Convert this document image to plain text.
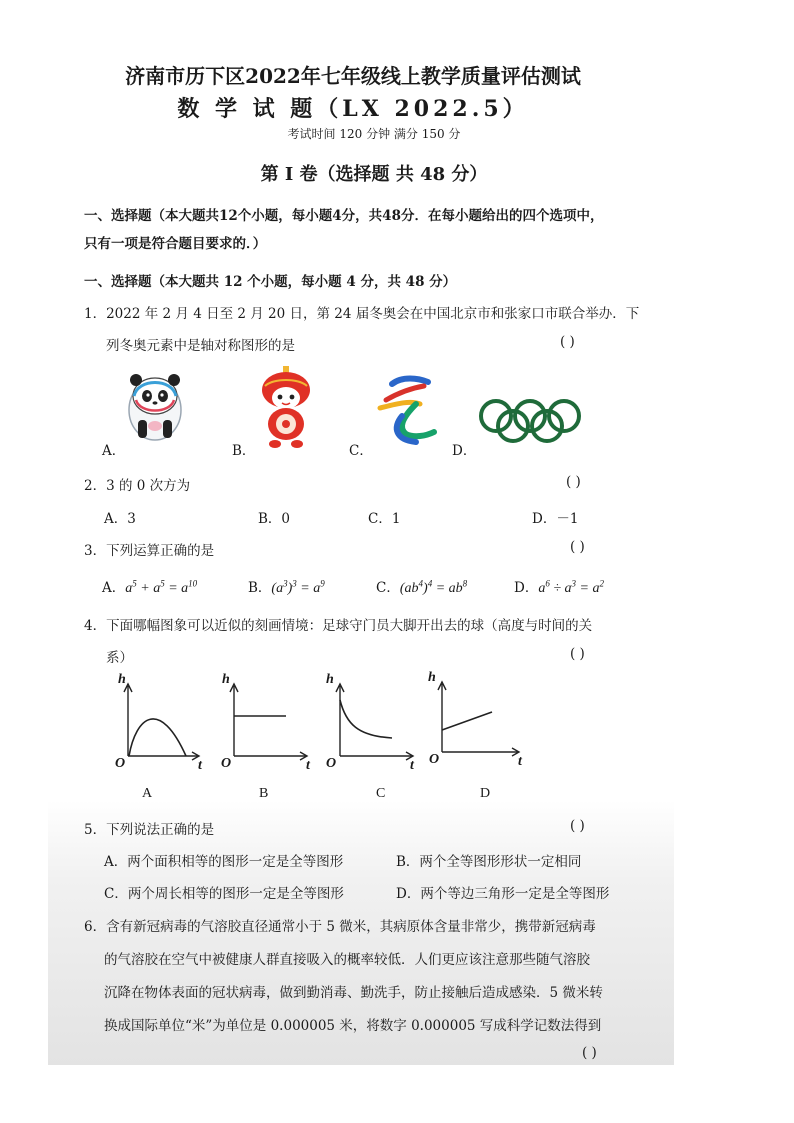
济南市历下区2022年七年级线上教学质量评估测试
数 学 试 题（LX 2022.5）
考试时间 120 分钟 满分 150 分
第 I 卷（选择题 共 48 分）
一、选择题（本大题共12个小题，每小题4分，共48分．在每小题给出的四个选项中，
只有一项是符合题目要求的．）
一、选择题（本大题共 12 个小题，每小题 4 分，共 48 分）
1．2022 年 2 月 4 日至 2 月 20 日，第 24 届冬奥会在中国北京市和张家口市联合举办．下
列冬奥元素中是轴对称图形的是	( )
A．	B．	C．	D．
2．3 的 0 次方为	( )
A．3	B．0	C．1	D．－1
3．下列运算正确的是	( )
A．$a^5 + a^5 = a^{10}$	B．$(a^3)^3 = a^9$	C．$(ab^4)^4 = ab^8$	D．$a^6 \div a^3 = a^2$
4．下面哪幅图象可以近似的刻画情境：足球守门员大脚开出去的球（高度与时间的关
系）	( )
h
O	t
A
h
O	t
B
h
O	t
C
h
O	t
D
5．下列说法正确的是	( )
A．两个面积相等的图形一定是全等图形	B．两个全等图形形状一定相同
C．两个周长相等的图形一定是全等图形	D．两个等边三角形一定是全等图形
6．含有新冠病毒的气溶胶直径通常小于 5 微米，其病原体含量非常少，携带新冠病毒
的气溶胶在空气中被健康人群直接吸入的概率较低．人们更应该注意那些随气溶胶
沉降在物体表面的冠状病毒，做到勤消毒、勤洗手，防止接触后造成感染．5 微米转
换成国际单位“米”为单位是 0.000005 米，将数字 0.000005 写成科学记数法得到
( )
